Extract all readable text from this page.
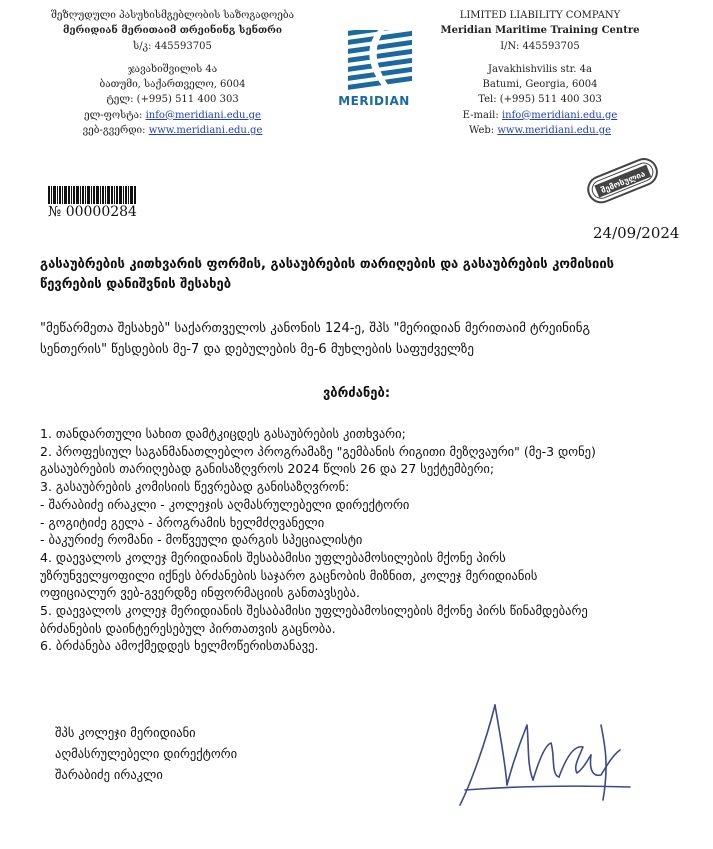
შეზღუდული პასუხისმგებლობის საზოგადოება
მერიდიან მერითაიმ თრეინინგ სენთრი
ს/კ: 445593705
ჯავახიშვილის 4ა
ბათუმი, საქართველო, 6004
ტელ: (+995) 511 400 303
ელ-ფოსტა: info@meridiani.edu.ge
ვებ-გვერდი: www.meridiani.edu.ge
MERIDIAN
LIMITED LIABILITY COMPANY
Meridian Maritime Training Centre
I/N: 445593705
Javakhishvilis str. 4a
Batumi, Georgia, 6004
Tel: (+995) 511 400 303
E-mail: info@meridiani.edu.ge
Web: www.meridiani.edu.ge
№ 00000284
შემოსულია
24/09/2024
გასაუბრების კითხვარის ფორმის, გასაუბრების თარიღების და გასაუბრების კომისიის წევრების დანიშვნის შესახებ
"მეწარმეთა შესახებ" საქართველოს კანონის 124-ე, შპს "მერიდიან მერითაიმ ტრეინინგ სენთერის" წესდების მე-7 და დებულების მე-6 მუხლების საფუძველზე
ვბრძანებ:
1. თანდართული სახით დამტკიცდეს გასაუბრების კითხვარი;
2. პროფესიულ საგანმანათლებლო პროგრამაზე "გემბანის რიგითი მეზღვაური" (მე-3 დონე)
გასაუბრების თარიღებად განისაზღვროს 2024 წლის 26 და 27 სექტემბერი;
3. გასაუბრების კომისიის წევრებად განისაზღვრონ:
- შარაბიძე ირაკლი - კოლეჯის აღმასრულებელი დირექტორი
- გოგიტიძე გელა - პროგრამის ხელმძღვანელი
- ბაკურიძე რომანი - მოწვეული დარგის სპეციალისტი
4. დაევალოს კოლეჯ მერიდიანის შესაბამისი უფლებამოსილების მქონე პირს
უზრუნველყოფილი იქნეს ბრძანების საჯარო გაცნობის მიზნით, კოლეჯ მერიდიანის
ოფიციალურ ვებ-გვერდზე ინფორმაციის განთავსება.
5. დაევალოს კოლეჯ მერიდიანის შესაბამისი უფლებამოსილების მქონე პირს წინამდებარე
ბრძანების დაინტერესებულ პირთათვის გაცნობა.
6. ბრძანება ამოქმედდეს ხელმოწერისთანავე.
შპს კოლეჯი მერიდიანი
აღმასრულებელი დირექტორი
შარაბიძე ირაკლი
